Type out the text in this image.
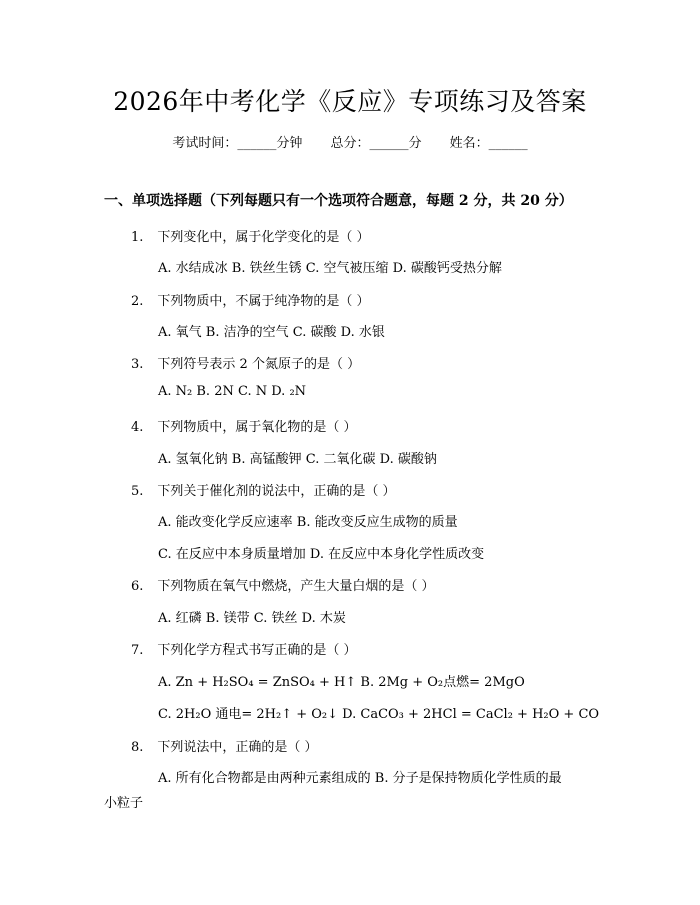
2026年中考化学《反应》专项练习及答案
考试时间：______分钟 总分：______分 姓名：______
一、单项选择题（下列每题只有一个选项符合题意，每题 2 分，共 20 分）
1. 下列变化中，属于化学变化的是（ ）
A. 水结成冰 B. 铁丝生锈 C. 空气被压缩 D. 碳酸钙受热分解
2. 下列物质中，不属于纯净物的是（ ）
A. 氧气 B. 洁净的空气 C. 碳酸 D. 水银
3. 下列符号表示 2 个氮原子的是（ ）
A. N₂ B. 2N C. N D. ₂N
4. 下列物质中，属于氧化物的是（ ）
A. 氢氧化钠 B. 高锰酸钾 C. 二氧化碳 D. 碳酸钠
5. 下列关于催化剂的说法中，正确的是（ ）
A. 能改变化学反应速率 B. 能改变反应生成物的质量
C. 在反应中本身质量增加 D. 在反应中本身化学性质改变
6. 下列物质在氧气中燃烧，产生大量白烟的是（ ）
A. 红磷 B. 镁带 C. 铁丝 D. 木炭
7. 下列化学方程式书写正确的是（ ）
A. Zn + H₂SO₄ = ZnSO₄ + H↑ B. 2Mg + O₂点燃= 2MgO
C. 2H₂O 通电= 2H₂↑ + O₂↓ D. CaCO₃ + 2HCl = CaCl₂ + H₂O + CO
8. 下列说法中，正确的是（ ）
A. 所有化合物都是由两种元素组成的 B. 分子是保持物质化学性质的最
小粒子
